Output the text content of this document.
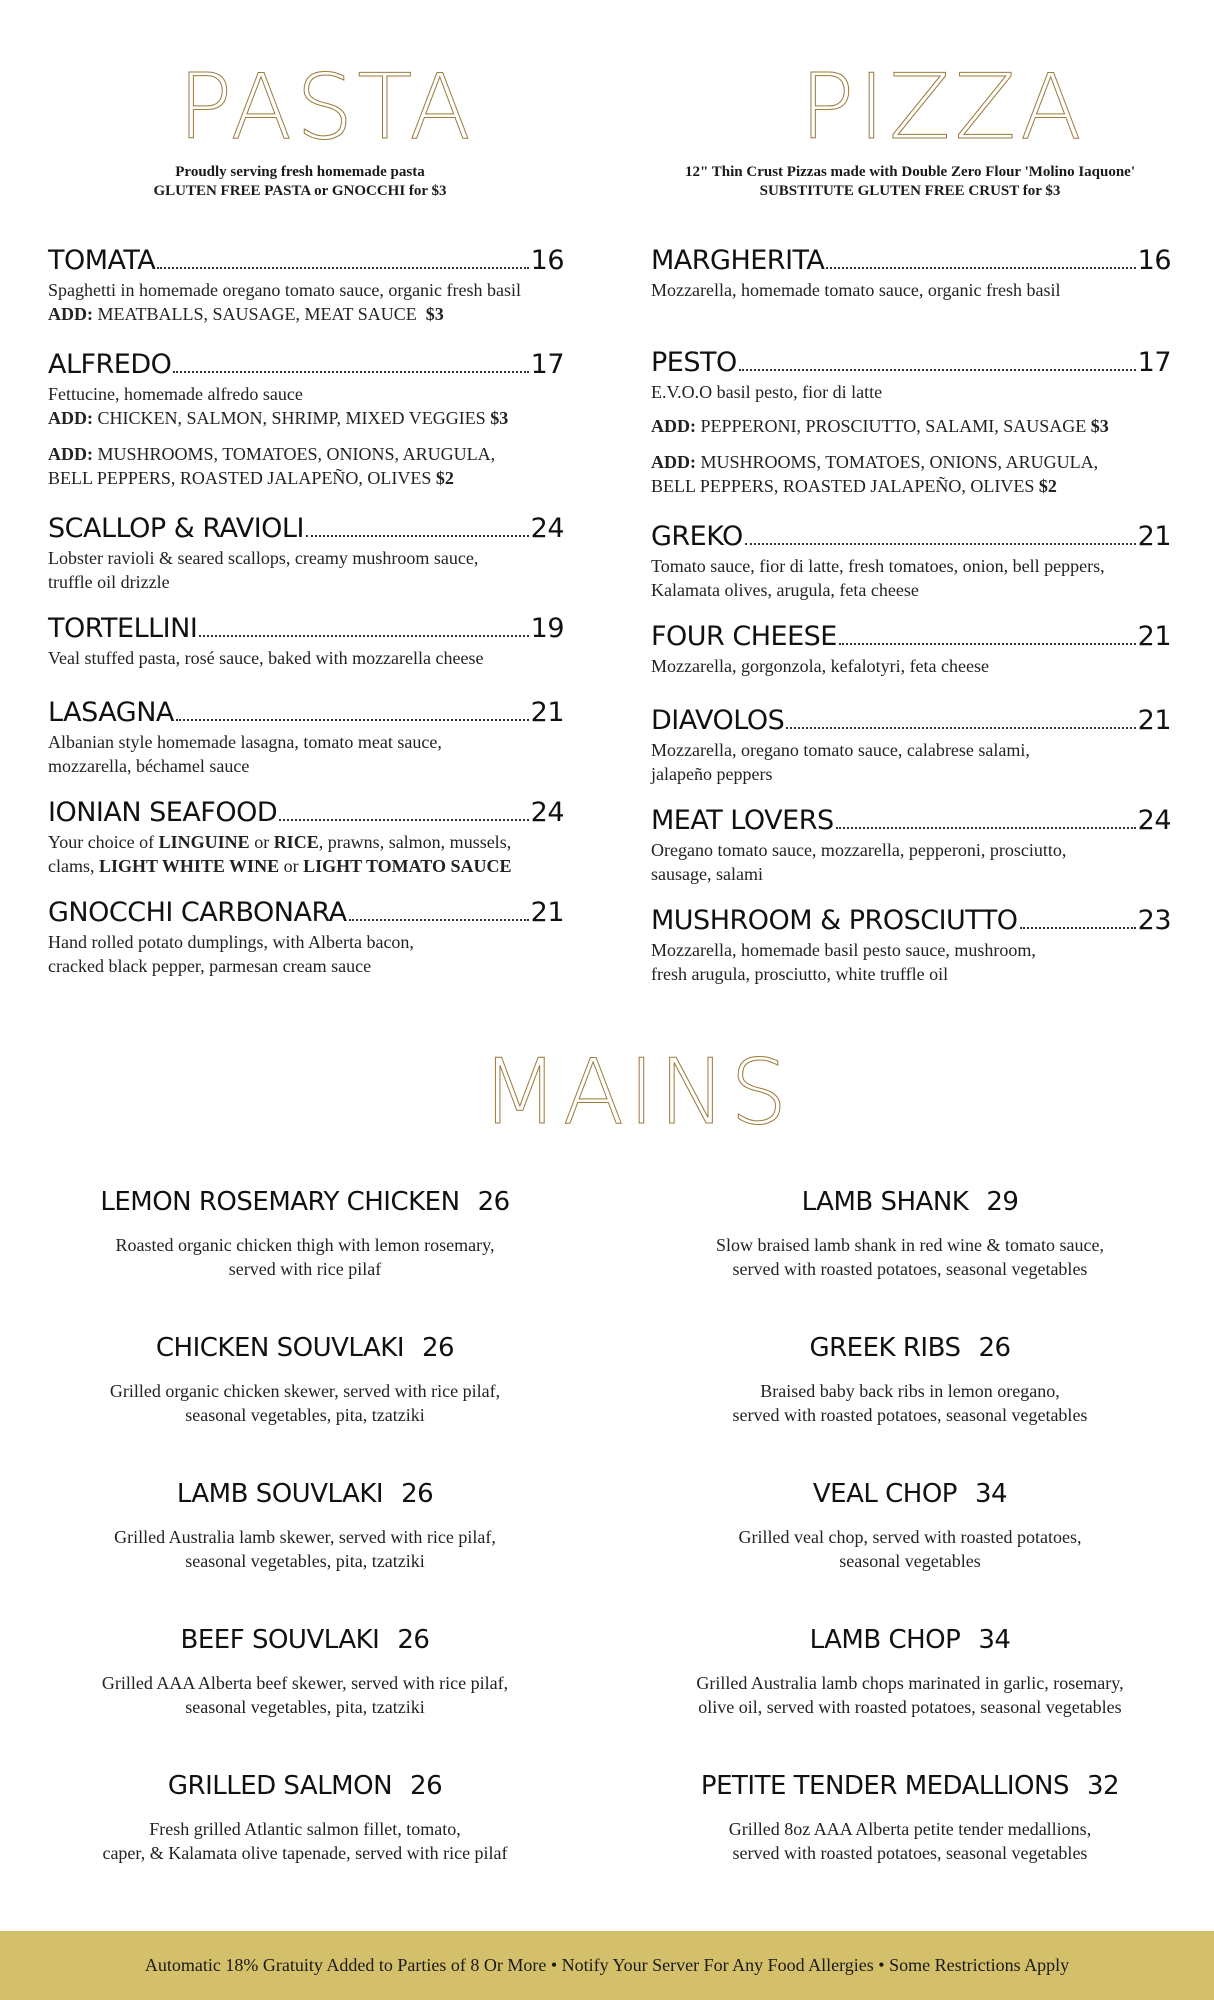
PASTA	PIZZA
MAINS
Proudly serving fresh homemade pasta
GLUTEN FREE PASTA or GNOCCHI for $3
12" Thin Crust Pizzas made with Double Zero Flour 'Molino Iaquone'
SUBSTITUTE GLUTEN FREE CRUST for $3
TOMATA	16
Spaghetti in homemade oregano tomato sauce, organic fresh basil
ADD: MEATBALLS, SAUSAGE, MEAT SAUCE $3
ALFREDO	17
Fettucine, homemade alfredo sauce
ADD: CHICKEN, SALMON, SHRIMP, MIXED VEGGIES $3
ADD: MUSHROOMS, TOMATOES, ONIONS, ARUGULA,
BELL PEPPERS, ROASTED JALAPEÑO, OLIVES $2
SCALLOP & RAVIOLI	24
Lobster ravioli & seared scallops, creamy mushroom sauce,
truffle oil drizzle
TORTELLINI	19
Veal stuffed pasta, rosé sauce, baked with mozzarella cheese
LASAGNA	21
Albanian style homemade lasagna, tomato meat sauce,
mozzarella, béchamel sauce
IONIAN SEAFOOD	24
Your choice of LINGUINE or RICE, prawns, salmon, mussels,
clams, LIGHT WHITE WINE or LIGHT TOMATO SAUCE
GNOCCHI CARBONARA	21
Hand rolled potato dumplings, with Alberta bacon,
cracked black pepper, parmesan cream sauce
MARGHERITA	16
Mozzarella, homemade tomato sauce, organic fresh basil
PESTO	17
E.V.O.O basil pesto, fior di latte
ADD: PEPPERONI, PROSCIUTTO, SALAMI, SAUSAGE $3
ADD: MUSHROOMS, TOMATOES, ONIONS, ARUGULA,
BELL PEPPERS, ROASTED JALAPEÑO, OLIVES $2
GREKO	21
Tomato sauce, fior di latte, fresh tomatoes, onion, bell peppers,
Kalamata olives, arugula, feta cheese
FOUR CHEESE	21
Mozzarella, gorgonzola, kefalotyri, feta cheese
DIAVOLOS	21
Mozzarella, oregano tomato sauce, calabrese salami,
jalapeño peppers
MEAT LOVERS	24
Oregano tomato sauce, mozzarella, pepperoni, prosciutto,
sausage, salami
MUSHROOM & PROSCIUTTO	23
Mozzarella, homemade basil pesto sauce, mushroom,
fresh arugula, prosciutto, white truffle oil
LEMON ROSEMARY CHICKEN 26
Roasted organic chicken thigh with lemon rosemary,
served with rice pilaf
CHICKEN SOUVLAKI 26
Grilled organic chicken skewer, served with rice pilaf,
seasonal vegetables, pita, tzatziki
LAMB SOUVLAKI 26
Grilled Australia lamb skewer, served with rice pilaf,
seasonal vegetables, pita, tzatziki
BEEF SOUVLAKI 26
Grilled AAA Alberta beef skewer, served with rice pilaf,
seasonal vegetables, pita, tzatziki
GRILLED SALMON 26
Fresh grilled Atlantic salmon fillet, tomato,
caper, & Kalamata olive tapenade, served with rice pilaf
LAMB SHANK 29
Slow braised lamb shank in red wine & tomato sauce,
served with roasted potatoes, seasonal vegetables
GREEK RIBS 26
Braised baby back ribs in lemon oregano,
served with roasted potatoes, seasonal vegetables
VEAL CHOP 34
Grilled veal chop, served with roasted potatoes,
seasonal vegetables
LAMB CHOP 34
Grilled Australia lamb chops marinated in garlic, rosemary,
olive oil, served with roasted potatoes, seasonal vegetables
PETITE TENDER MEDALLIONS 32
Grilled 8oz AAA Alberta petite tender medallions,
served with roasted potatoes, seasonal vegetables
Automatic 18% Gratuity Added to Parties of 8 Or More • Notify Your Server For Any Food Allergies • Some Restrictions Apply
